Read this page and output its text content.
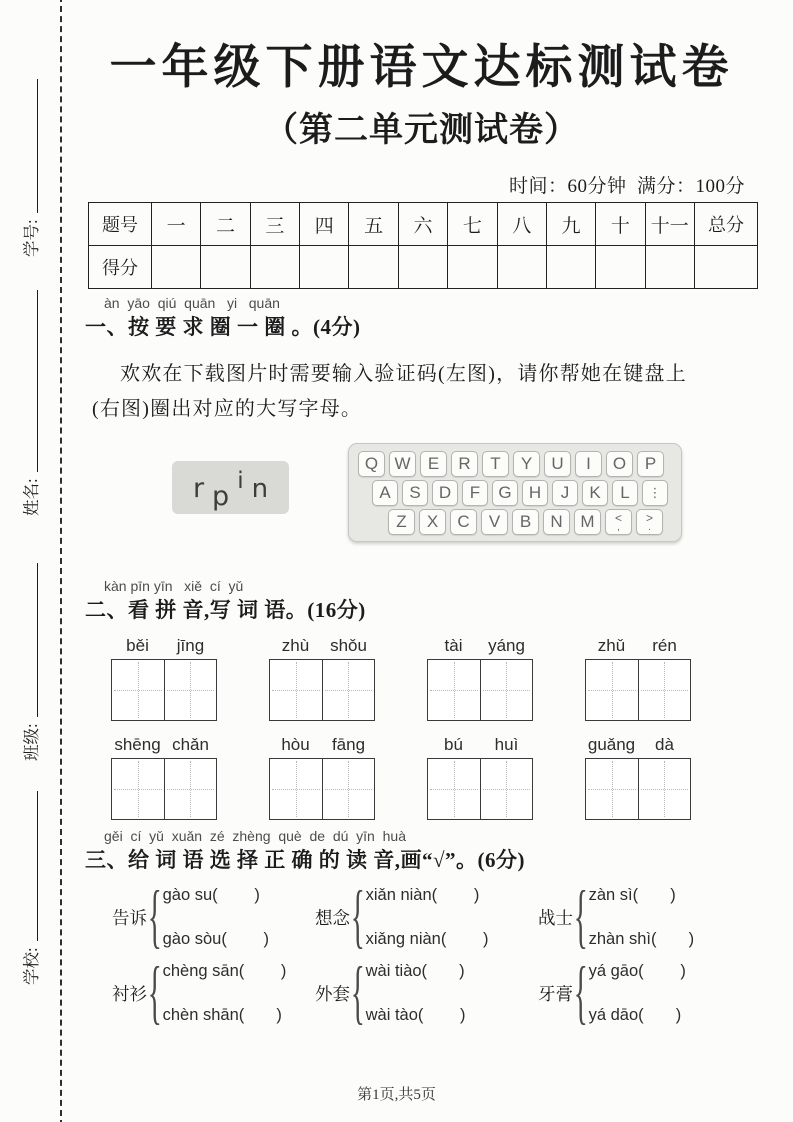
学号:
姓名:
班级:
学校:
一年级下册语文达标测试卷
（第二单元测试卷）
时间：60分钟  满分：100分
题号	一	二	三	四	五	六	七	八	九	十	十一	总分
得分												
àn  yāo  qiú  quān   yi   quān
一、按 要 求 圈 一 圈 。(4分)
欢欢在下载图片时需要输入验证码(左图)，请你帮她在键盘上
(右图)圈出对应的大写字母。
r p
i n
Q W	E	R	T	Y	U	I	O	P
A	S	D	F	G	H	J	K	L	⋮
Z	X	C	V	B	N	M	<
,
>
.
kàn pīn yīn   xiě  cí  yǔ
二、看 拼 音,写 词 语。(16分)
běi	jīng	zhù	shǒu	tài	yáng	zhǔ	rén
shēng chǎn	hòu	fāng	bú	huì	guǎng	dà
gěi  cí  yǔ  xuǎn  zé  zhèng  què  de  dú  yīn  huà
三、给 词 语 选 择 正 确 的 读 音,画“√”。(6分)
告诉 { gào su(        )
gào sòu(        )
想念 { xiǎn niàn(        )
xiǎng niàn(        )
战士 { zàn sì(       )
zhàn shì(       )
衬衫 { chèng sān(        )
chèn shān(       )
外套 { wài tiào(       )
wài tào(        )
牙膏 { yá gāo(        )
yá dāo(       )
第1页,共5页
